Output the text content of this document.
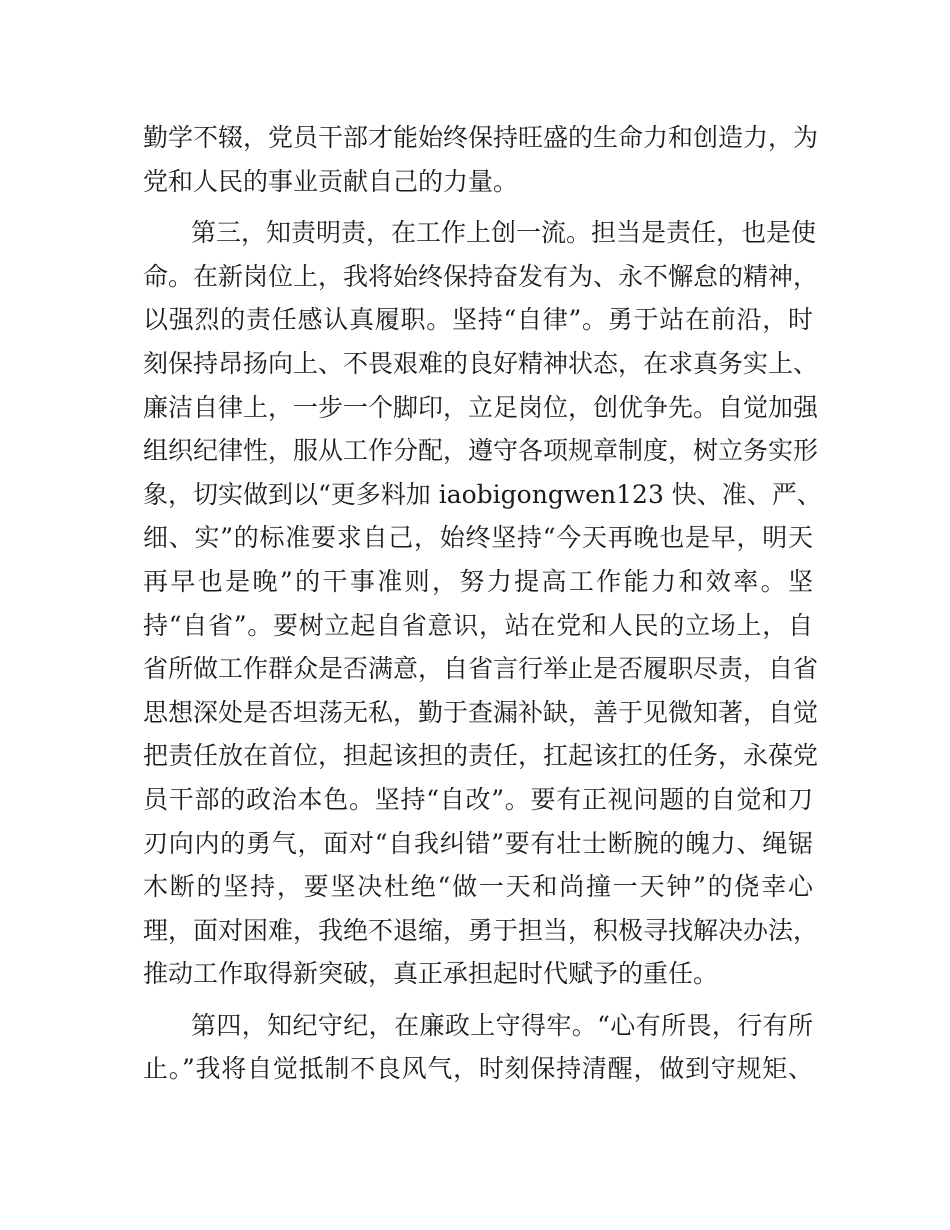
勤学不辍，党员干部才能始终保持旺盛的生命力和创造力，为
党和人民的事业贡献自己的力量。
第三，知责明责，在工作上创一流。担当是责任，也是使
命。在新岗位上，我将始终保持奋发有为、永不懈怠的精神，
以强烈的责任感认真履职。坚持“自律”。勇于站在前沿，时
刻保持昂扬向上、不畏艰难的良好精神状态，在求真务实上、
廉洁自律上，一步一个脚印，立足岗位，创优争先。自觉加强
组织纪律性，服从工作分配，遵守各项规章制度，树立务实形
象，切实做到以“更多料加 iaobigongwen123 快、准、严、
细、实”的标准要求自己，始终坚持“今天再晚也是早，明天
再早也是晚”的干事准则，努力提高工作能力和效率。坚
持“自省”。要树立起自省意识，站在党和人民的立场上，自
省所做工作群众是否满意，自省言行举止是否履职尽责，自省
思想深处是否坦荡无私，勤于查漏补缺，善于见微知著，自觉
把责任放在首位，担起该担的责任，扛起该扛的任务，永葆党
员干部的政治本色。坚持“自改”。要有正视问题的自觉和刀
刃向内的勇气，面对“自我纠错”要有壮士断腕的魄力、绳锯
木断的坚持，要坚决杜绝“做一天和尚撞一天钟”的侥幸心
理，面对困难，我绝不退缩，勇于担当，积极寻找解决办法，
推动工作取得新突破，真正承担起时代赋予的重任。
第四，知纪守纪，在廉政上守得牢。“心有所畏，行有所
止。”我将自觉抵制不良风气，时刻保持清醒，做到守规矩、
